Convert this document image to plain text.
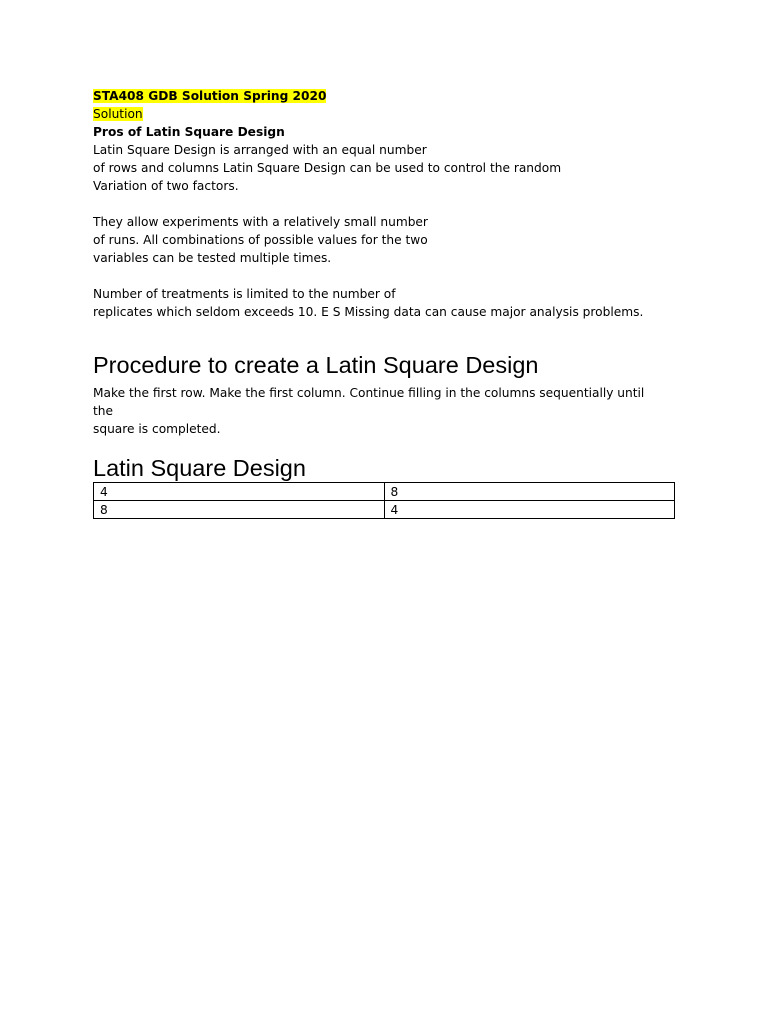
STA408 GDB Solution Spring 2020

Solution

Pros of Latin Square Design

Latin Square Design is arranged with an equal number
of rows and columns Latin Square Design can be used to control the random
Variation of two factors.
They allow experiments with a relatively small number
of runs. All combinations of possible values for the two
variables can be tested multiple times.
Number of treatments is limited to the number of
replicates which seldom exceeds 10. E S Missing data can cause major analysis problems.
Procedure to create a Latin Square Design
Make the first row. Make the first column. Continue filling in the columns sequentially until
the
square is completed.
Latin Square Design
4	8
8	4
